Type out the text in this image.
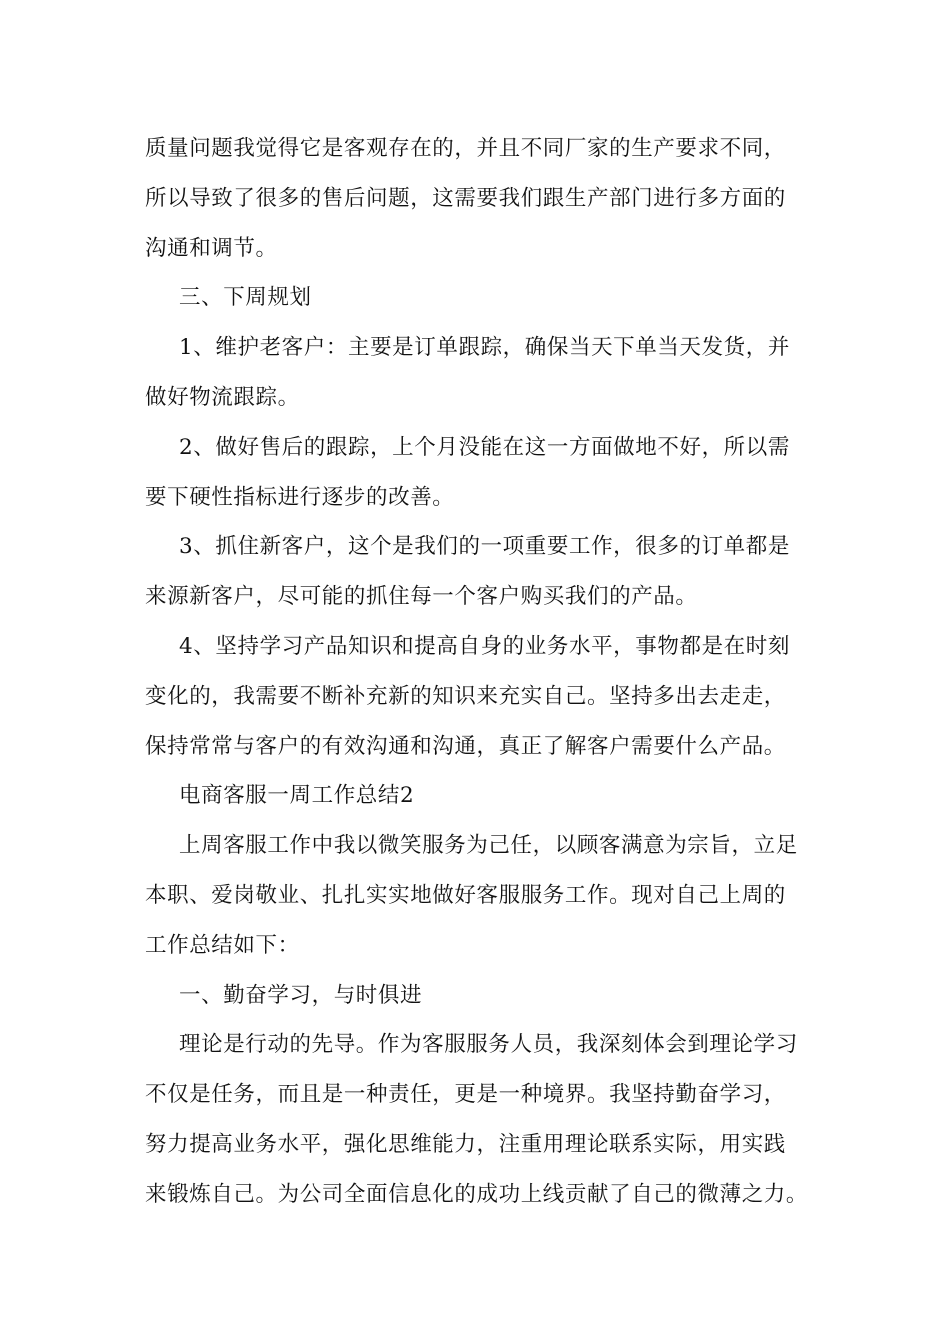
质量问题我觉得它是客观存在的，并且不同厂家的生产要求不同，

所以导致了很多的售后问题，这需要我们跟生产部门进行多方面的

沟通和调节。

三、下周规划

1、维护老客户：主要是订单跟踪，确保当天下单当天发货，并

做好物流跟踪。

2、做好售后的跟踪，上个月没能在这一方面做地不好，所以需

要下硬性指标进行逐步的改善。

3、抓住新客户，这个是我们的一项重要工作，很多的订单都是

来源新客户，尽可能的抓住每一个客户购买我们的产品。

4、坚持学习产品知识和提高自身的业务水平，事物都是在时刻

变化的，我需要不断补充新的知识来充实自己。坚持多出去走走，

保持常常与客户的有效沟通和沟通，真正了解客户需要什么产品。

电商客服一周工作总结2

上周客服工作中我以微笑服务为己任，以顾客满意为宗旨，立足

本职、爱岗敬业、扎扎实实地做好客服服务工作。现对自己上周的

工作总结如下：

一、勤奋学习，与时俱进

理论是行动的先导。作为客服服务人员，我深刻体会到理论学习

不仅是任务，而且是一种责任，更是一种境界。我坚持勤奋学习，

努力提高业务水平，强化思维能力，注重用理论联系实际，用实践

来锻炼自己。为公司全面信息化的成功上线贡献了自己的微薄之力。
